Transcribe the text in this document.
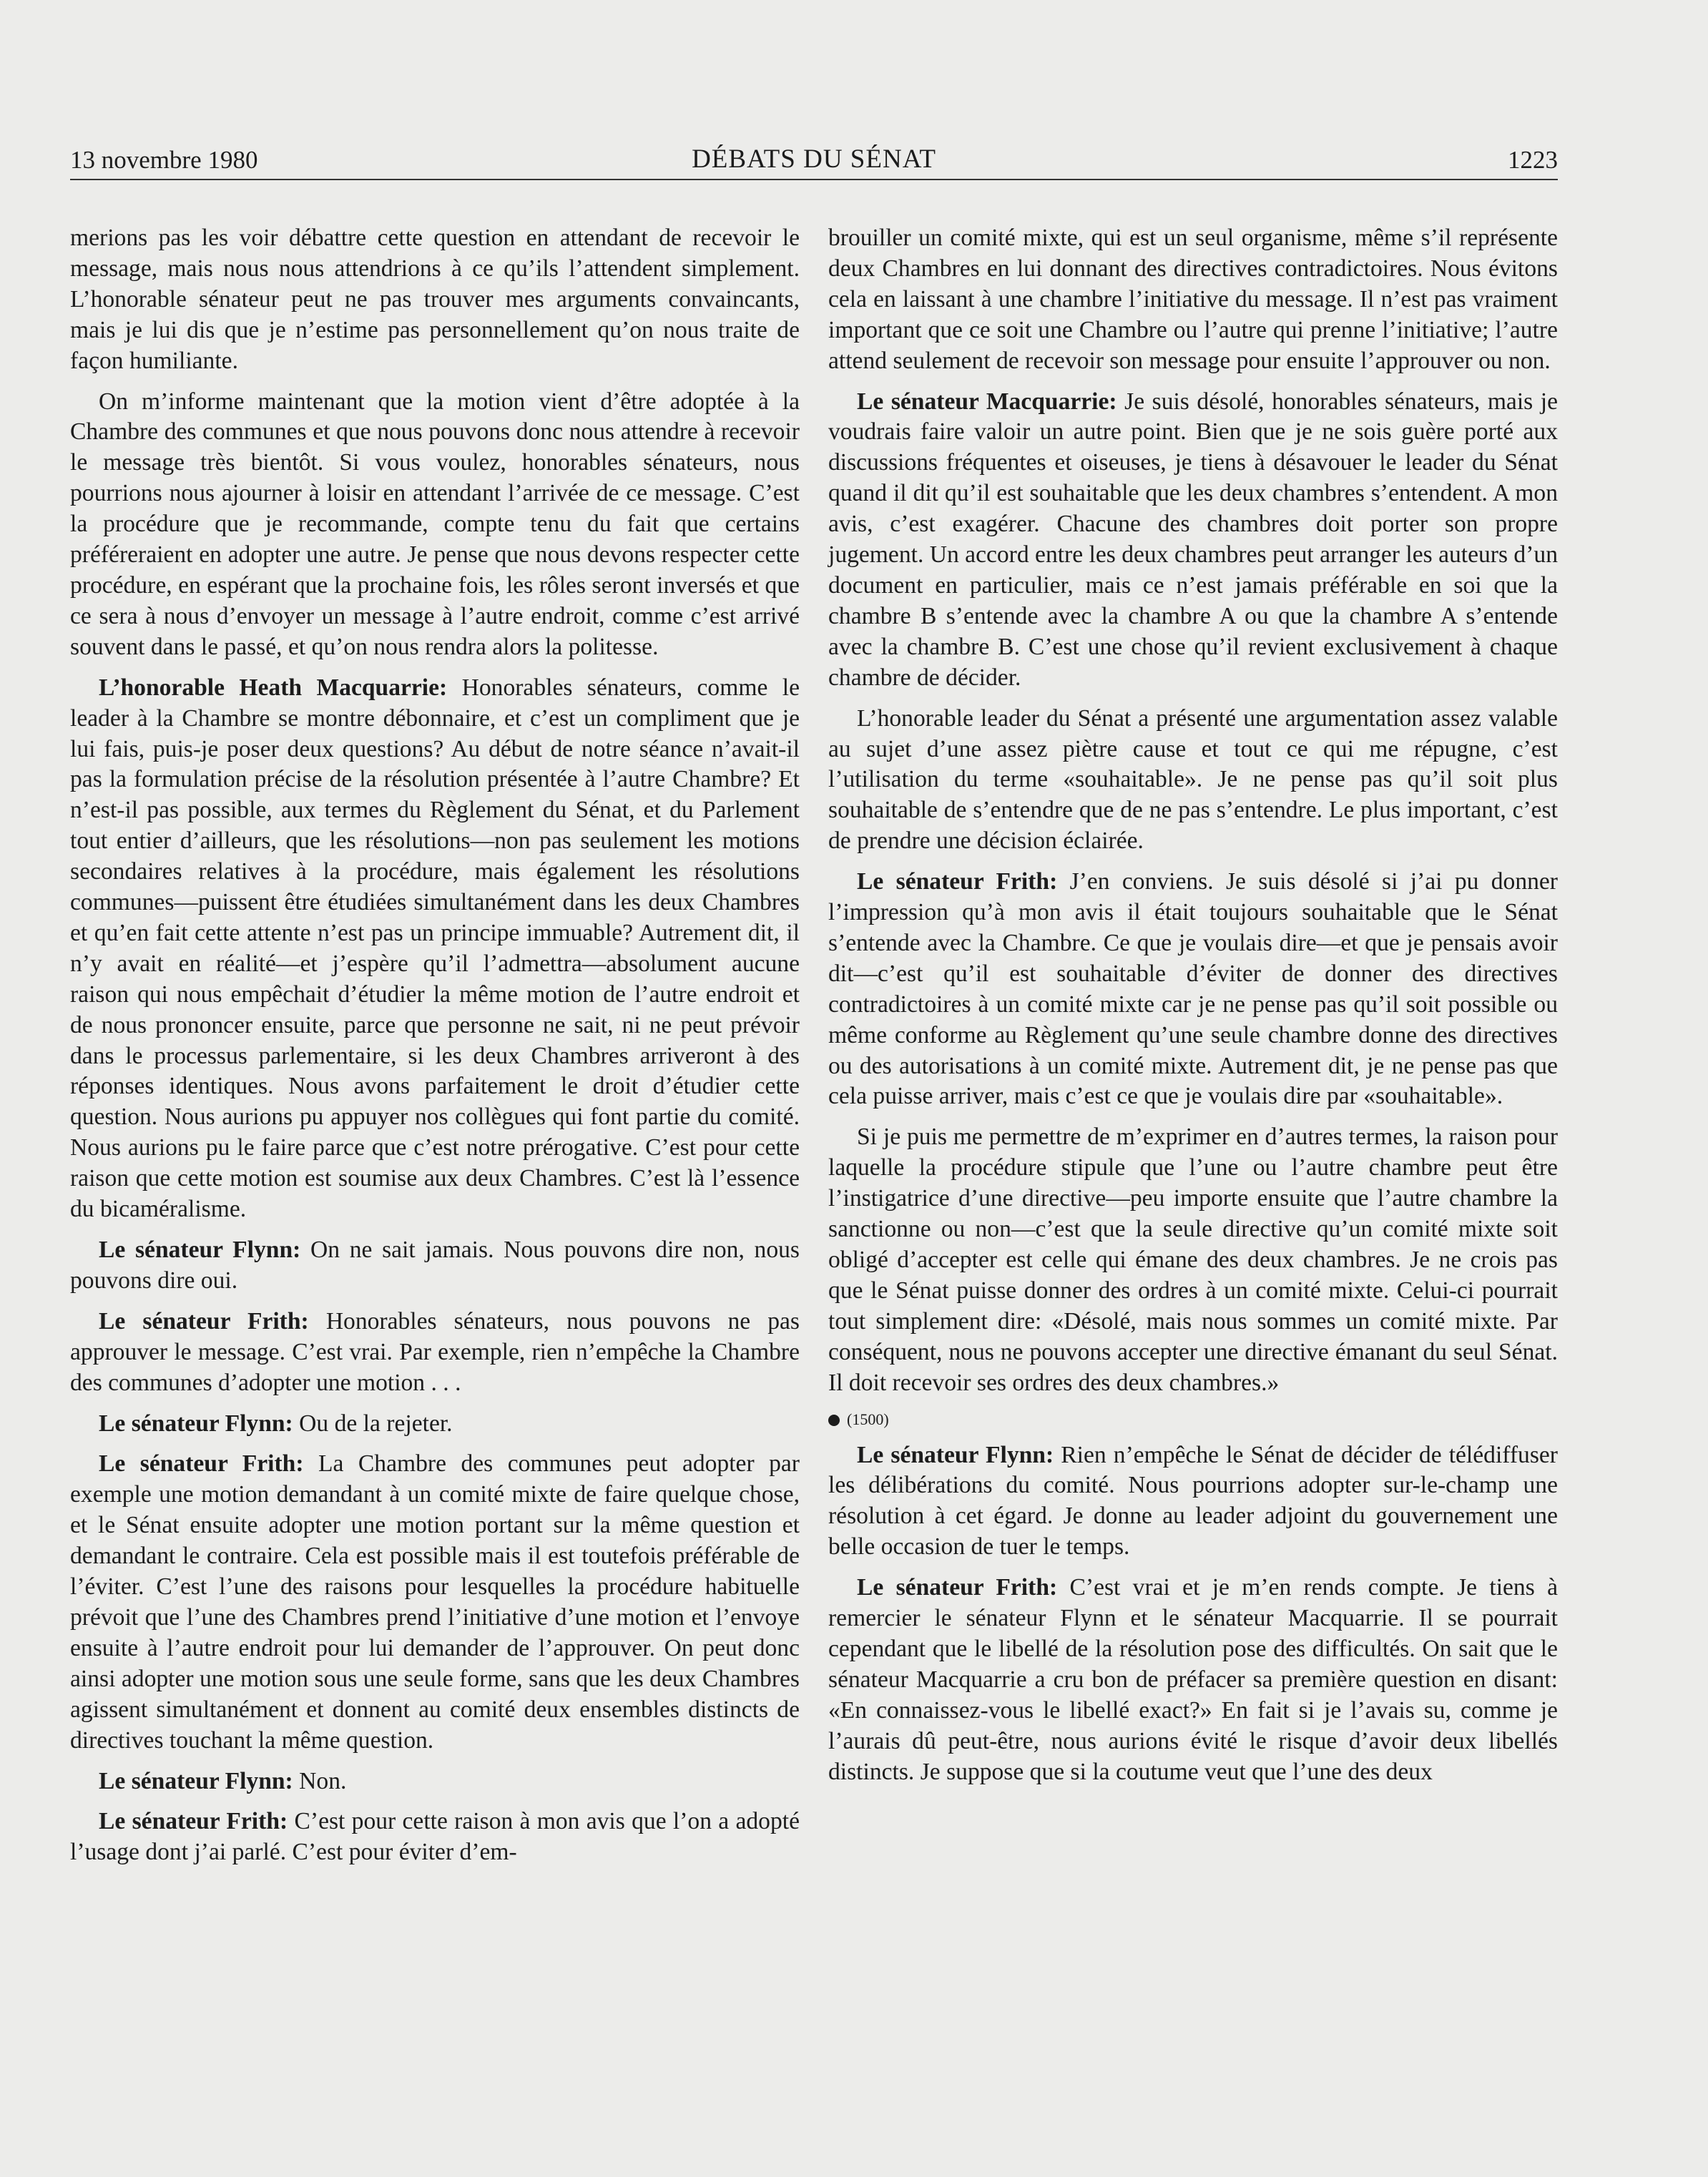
13 novembre 1980	DÉBATS DU SÉNAT	1223

merions pas les voir débattre cette question en attendant de recevoir le message, mais nous nous attendrions à ce qu’ils l’attendent simplement. L’honorable sénateur peut ne pas trouver mes arguments convaincants, mais je lui dis que je n’estime pas personnellement qu’on nous traite de façon humiliante.

On m’informe maintenant que la motion vient d’être adoptée à la Chambre des communes et que nous pouvons donc nous attendre à recevoir le message très bientôt. Si vous voulez, honorables sénateurs, nous pourrions nous ajourner à loisir en attendant l’arrivée de ce message. C’est la procédure que je recommande, compte tenu du fait que certains préféreraient en adopter une autre. Je pense que nous devons respecter cette procédure, en espérant que la prochaine fois, les rôles seront inversés et que ce sera à nous d’envoyer un message à l’autre endroit, comme c’est arrivé souvent dans le passé, et qu’on nous rendra alors la politesse.

L’honorable Heath Macquarrie: Honorables sénateurs, comme le leader à la Chambre se montre débonnaire, et c’est un compliment que je lui fais, puis-je poser deux questions? Au début de notre séance n’avait-il pas la formulation précise de la résolution présentée à l’autre Chambre? Et n’est-il pas possible, aux termes du Règlement du Sénat, et du Parlement tout entier d’ailleurs, que les résolutions—non pas seulement les motions secondaires relatives à la procédure, mais également les résolutions communes—puissent être étudiées simultanément dans les deux Chambres et qu’en fait cette attente n’est pas un principe immuable? Autrement dit, il n’y avait en réalité—et j’espère qu’il l’admettra—absolument aucune raison qui nous empêchait d’étudier la même motion de l’autre endroit et de nous prononcer ensuite, parce que personne ne sait, ni ne peut prévoir dans le processus parlementaire, si les deux Chambres arriveront à des réponses identiques. Nous avons parfaitement le droit d’étudier cette question. Nous aurions pu appuyer nos collègues qui font partie du comité. Nous aurions pu le faire parce que c’est notre prérogative. C’est pour cette raison que cette motion est soumise aux deux Chambres. C’est là l’essence du bicaméralisme.

Le sénateur Flynn: On ne sait jamais. Nous pouvons dire non, nous pouvons dire oui.

Le sénateur Frith: Honorables sénateurs, nous pouvons ne pas approuver le message. C’est vrai. Par exemple, rien n’empêche la Chambre des communes d’adopter une motion . . .

Le sénateur Flynn: Ou de la rejeter.

Le sénateur Frith: La Chambre des communes peut adopter par exemple une motion demandant à un comité mixte de faire quelque chose, et le Sénat ensuite adopter une motion portant sur la même question et demandant le contraire. Cela est possible mais il est toutefois préférable de l’éviter. C’est l’une des raisons pour lesquelles la procédure habituelle prévoit que l’une des Chambres prend l’initiative d’une motion et l’envoye ensuite à l’autre endroit pour lui demander de l’approuver. On peut donc ainsi adopter une motion sous une seule forme, sans que les deux Chambres agissent simultanément et donnent au comité deux ensembles distincts de directives touchant la même question.

Le sénateur Flynn: Non.

Le sénateur Frith: C’est pour cette raison à mon avis que l’on a adopté l’usage dont j’ai parlé. C’est pour éviter d’em-

brouiller un comité mixte, qui est un seul organisme, même s’il représente deux Chambres en lui donnant des directives contradictoires. Nous évitons cela en laissant à une chambre l’initiative du message. Il n’est pas vraiment important que ce soit une Chambre ou l’autre qui prenne l’initiative; l’autre attend seulement de recevoir son message pour ensuite l’approuver ou non.

Le sénateur Macquarrie: Je suis désolé, honorables sénateurs, mais je voudrais faire valoir un autre point. Bien que je ne sois guère porté aux discussions fréquentes et oiseuses, je tiens à désavouer le leader du Sénat quand il dit qu’il est souhaitable que les deux chambres s’entendent. A mon avis, c’est exagérer. Chacune des chambres doit porter son propre jugement. Un accord entre les deux chambres peut arranger les auteurs d’un document en particulier, mais ce n’est jamais préférable en soi que la chambre B s’entende avec la chambre A ou que la chambre A s’entende avec la chambre B. C’est une chose qu’il revient exclusivement à chaque chambre de décider.

L’honorable leader du Sénat a présenté une argumentation assez valable au sujet d’une assez piètre cause et tout ce qui me répugne, c’est l’utilisation du terme «souhaitable». Je ne pense pas qu’il soit plus souhaitable de s’entendre que de ne pas s’entendre. Le plus important, c’est de prendre une décision éclairée.

Le sénateur Frith: J’en conviens. Je suis désolé si j’ai pu donner l’impression qu’à mon avis il était toujours souhaitable que le Sénat s’entende avec la Chambre. Ce que je voulais dire—et que je pensais avoir dit—c’est qu’il est souhaitable d’éviter de donner des directives contradictoires à un comité mixte car je ne pense pas qu’il soit possible ou même conforme au Règlement qu’une seule chambre donne des directives ou des autorisations à un comité mixte. Autrement dit, je ne pense pas que cela puisse arriver, mais c’est ce que je voulais dire par «souhaitable».

Si je puis me permettre de m’exprimer en d’autres termes, la raison pour laquelle la procédure stipule que l’une ou l’autre chambre peut être l’instigatrice d’une directive—peu importe ensuite que l’autre chambre la sanctionne ou non—c’est que la seule directive qu’un comité mixte soit obligé d’accepter est celle qui émane des deux chambres. Je ne crois pas que le Sénat puisse donner des ordres à un comité mixte. Celui-ci pourrait tout simplement dire: «Désolé, mais nous sommes un comité mixte. Par conséquent, nous ne pouvons accepter une directive émanant du seul Sénat. Il doit recevoir ses ordres des deux chambres.»

(1500)

Le sénateur Flynn: Rien n’empêche le Sénat de décider de télédiffuser les délibérations du comité. Nous pourrions adopter sur-le-champ une résolution à cet égard. Je donne au leader adjoint du gouvernement une belle occasion de tuer le temps.

Le sénateur Frith: C’est vrai et je m’en rends compte. Je tiens à remercier le sénateur Flynn et le sénateur Macquarrie. Il se pourrait cependant que le libellé de la résolution pose des difficultés. On sait que le sénateur Macquarrie a cru bon de préfacer sa première question en disant: «En connaissez-vous le libellé exact?» En fait si je l’avais su, comme je l’aurais dû peut-être, nous aurions évité le risque d’avoir deux libellés distincts. Je suppose que si la coutume veut que l’une des deux
